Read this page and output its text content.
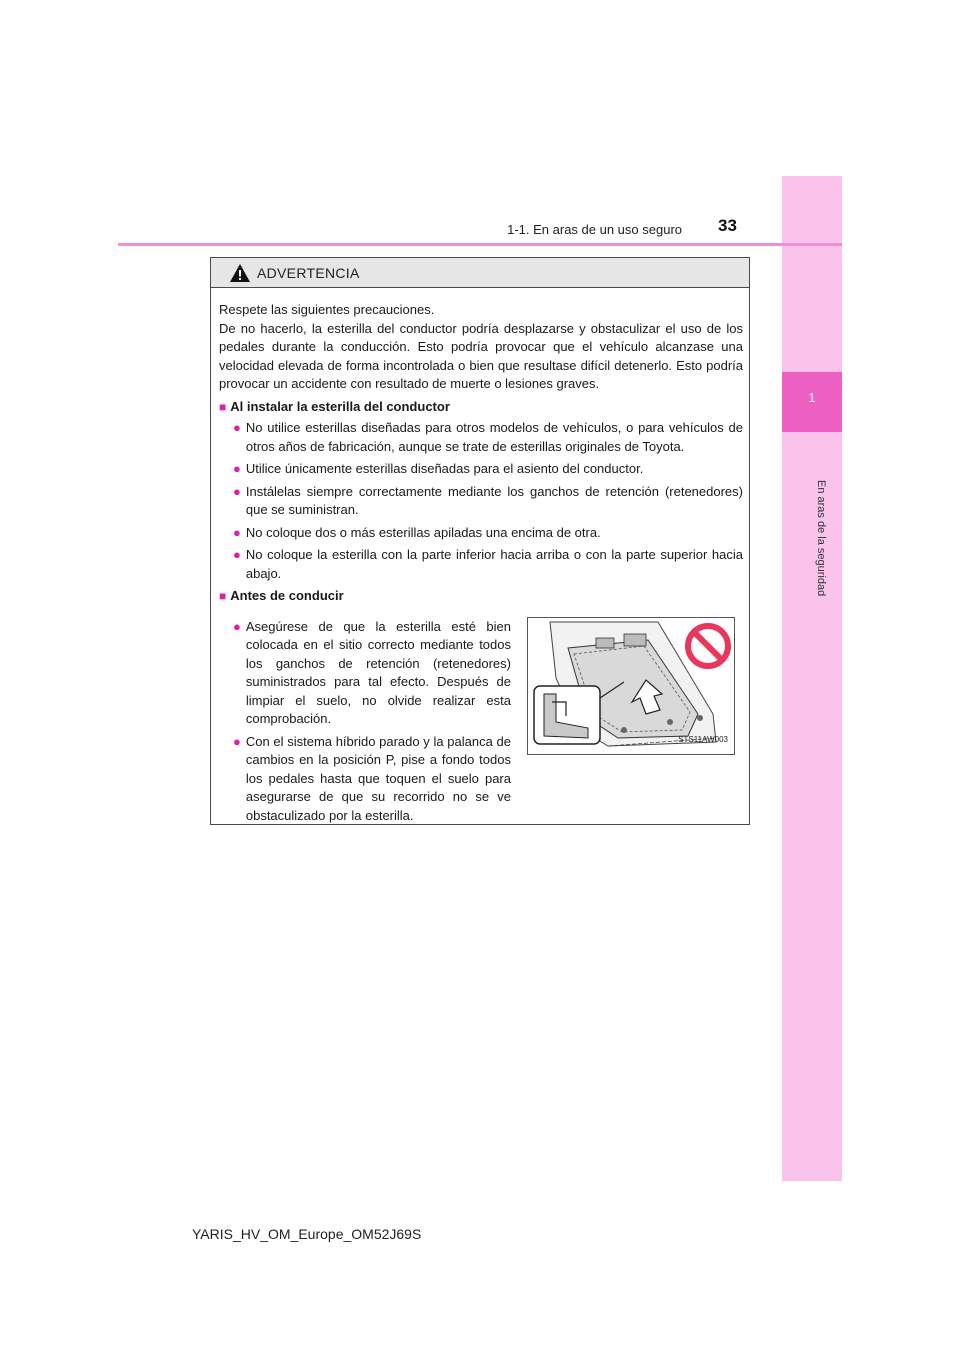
1
En aras de la seguridad
1-1. En aras de un uso seguro 33
ADVERTENCIA

Respete las siguientes precauciones.
De no hacerlo, la esterilla del conductor podría desplazarse y obstaculizar el uso de los pedales durante la conducción. Esto podría provocar que el vehículo alcanzase una velocidad elevada de forma incontrolada o bien que resultase difícil detenerlo. Esto podría provocar un accidente con resultado de muerte o lesiones graves.

■ Al instalar la esterilla del conductor
● No utilice esterillas diseñadas para otros modelos de vehículos, o para vehículos de otros años de fabricación, aunque se trate de esterillas originales de Toyota.
● Utilice únicamente esterillas diseñadas para el asiento del conductor.
● Instálelas siempre correctamente mediante los ganchos de retención (retenedores) que se suministran.
● No coloque dos o más esterillas apiladas una encima de otra.
● No coloque la esterilla con la parte inferior hacia arriba o con la parte superior hacia abajo.
■ Antes de conducir
● Asegúrese de que la esterilla esté bien colocada en el sitio correcto mediante todos los ganchos de retención (retenedores) suministrados para tal efecto. Después de limpiar el suelo, no olvide realizar esta comprobación.
● Con el sistema híbrido parado y la palanca de cambios en la posición P, pise a fondo todos los pedales hasta que toquen el suelo para asegurarse de que su recorrido no se ve obstaculizado por la esterilla.
STS11AW003
YARIS_HV_OM_Europe_OM52J69S
